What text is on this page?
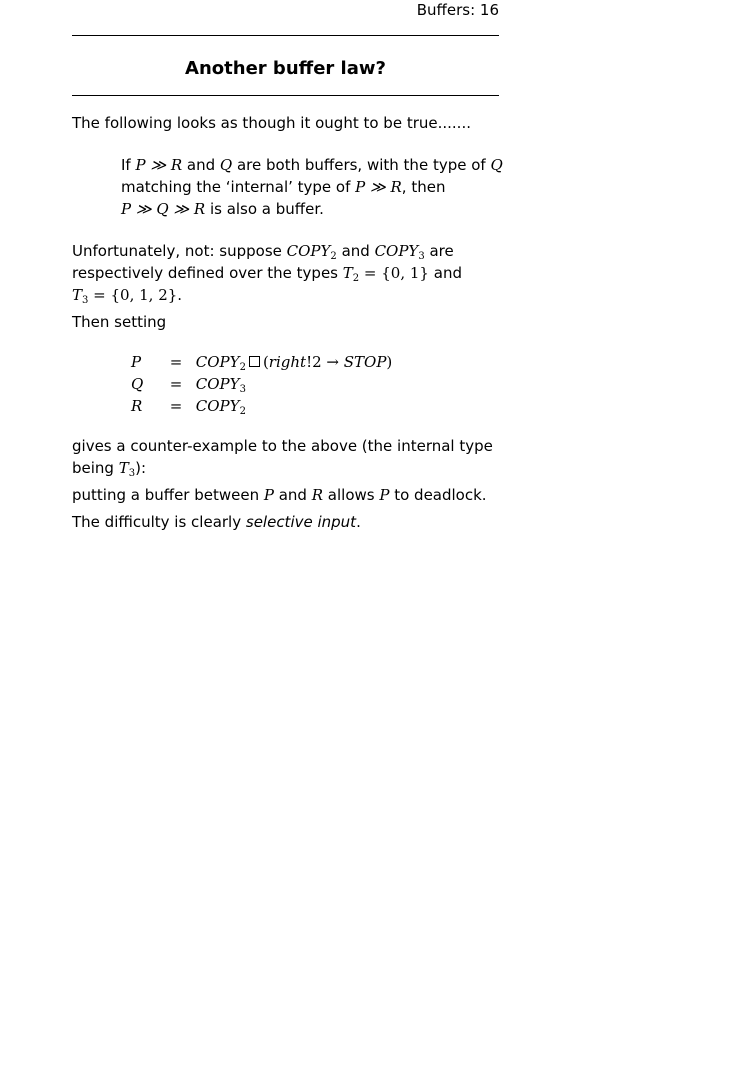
Buffers: 16
Another buffer law?
The following looks as though it ought to be true.......
If P ≫ R and Q are both buffers, with the type of Q
matching the ‘internal’ type of P ≫ R, then
P ≫ Q ≫ R is also a buffer.
Unfortunately, not: suppose $COPY_2$ and $COPY_3$ are
respectively defined over the types $T_2 = \{0$, 1} and
$T_3 = \{0$, 1, 2}.
Then setting
$P = COPY_2$ (right!2 → STOP)
$Q = COPY_3$
$R = COPY_2$
gives a counter-example to the above (the internal type
being $T_3$):
putting a buffer between P and R allows P to deadlock.
The difficulty is clearly selective input.
